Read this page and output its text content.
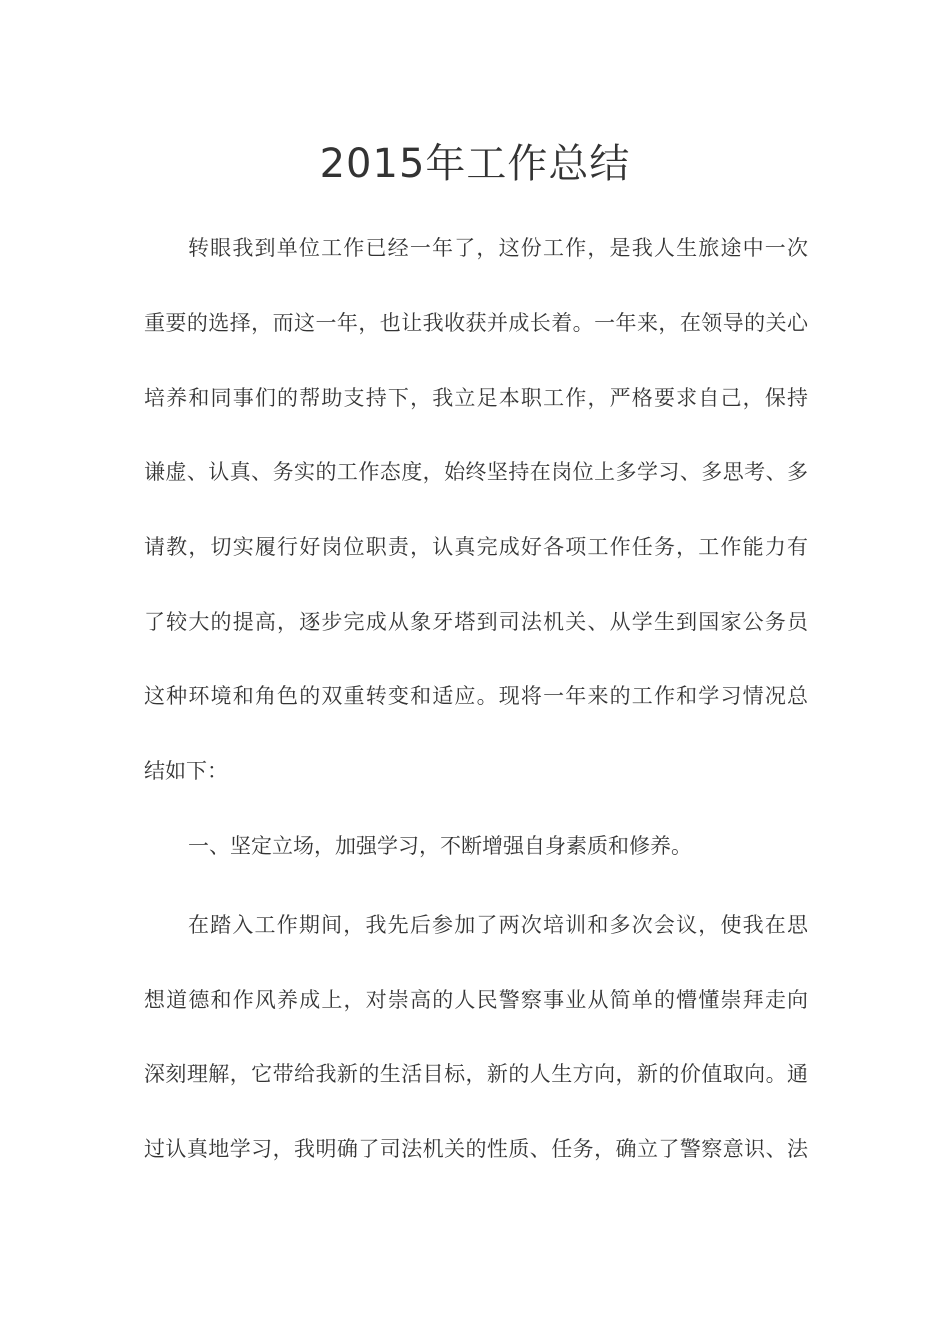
2015年工作总结
转眼我到单位工作已经一年了，这份工作，是我人生旅途中一次
重要的选择，而这一年，也让我收获并成长着。一年来，在领导的关心
培养和同事们的帮助支持下，我立足本职工作，严格要求自己，保持
谦虚、认真、务实的工作态度，始终坚持在岗位上多学习、多思考、多
请教，切实履行好岗位职责，认真完成好各项工作任务，工作能力有
了较大的提高，逐步完成从象牙塔到司法机关、从学生到国家公务员
这种环境和角色的双重转变和适应。现将一年来的工作和学习情况总
结如下：
一、坚定立场，加强学习，不断增强自身素质和修养。
在踏入工作期间，我先后参加了两次培训和多次会议，使我在思
想道德和作风养成上，对崇高的人民警察事业从简单的懵懂崇拜走向
深刻理解，它带给我新的生活目标，新的人生方向，新的价值取向。通
过认真地学习，我明确了司法机关的性质、任务，确立了警察意识、法
